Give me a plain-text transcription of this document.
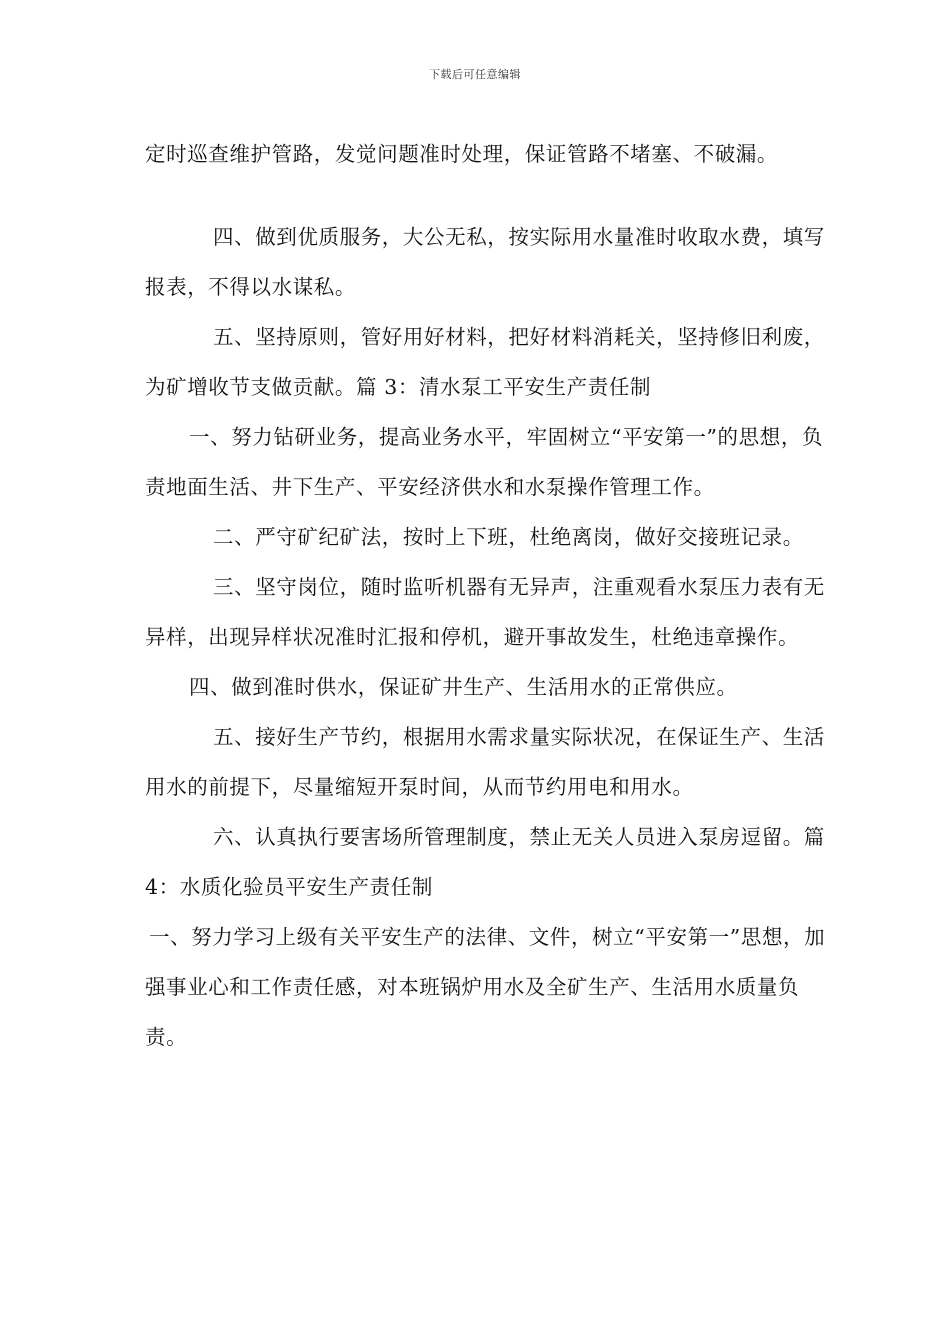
下载后可任意编辑

定时巡查维护管路，发觉问题准时处理，保证管路不堵塞、不破漏。

四、做到优质服务，大公无私，按实际用水量准时收取水费，填写报表，不得以水谋私。

五、坚持原则，管好用好材料，把好材料消耗关，坚持修旧利废，为矿增收节支做贡献。篇 3：清水泵工平安生产责任制

一、努力钻研业务，提高业务水平，牢固树立“平安第一”的思想，负责地面生活、井下生产、平安经济供水和水泵操作管理工作。

二、严守矿纪矿法，按时上下班，杜绝离岗，做好交接班记录。

三、坚守岗位，随时监听机器有无异声，注重观看水泵压力表有无异样，出现异样状况准时汇报和停机，避开事故发生，杜绝违章操作。

四、做到准时供水，保证矿井生产、生活用水的正常供应。

五、接好生产节约，根据用水需求量实际状况，在保证生产、生活用水的前提下，尽量缩短开泵时间，从而节约用电和用水。

六、认真执行要害场所管理制度，禁止无关人员进入泵房逗留。篇 4：水质化验员平安生产责任制

一、努力学习上级有关平安生产的法律、文件，树立“平安第一”思想，加强事业心和工作责任感，对本班锅炉用水及全矿生产、生活用水质量负责。
